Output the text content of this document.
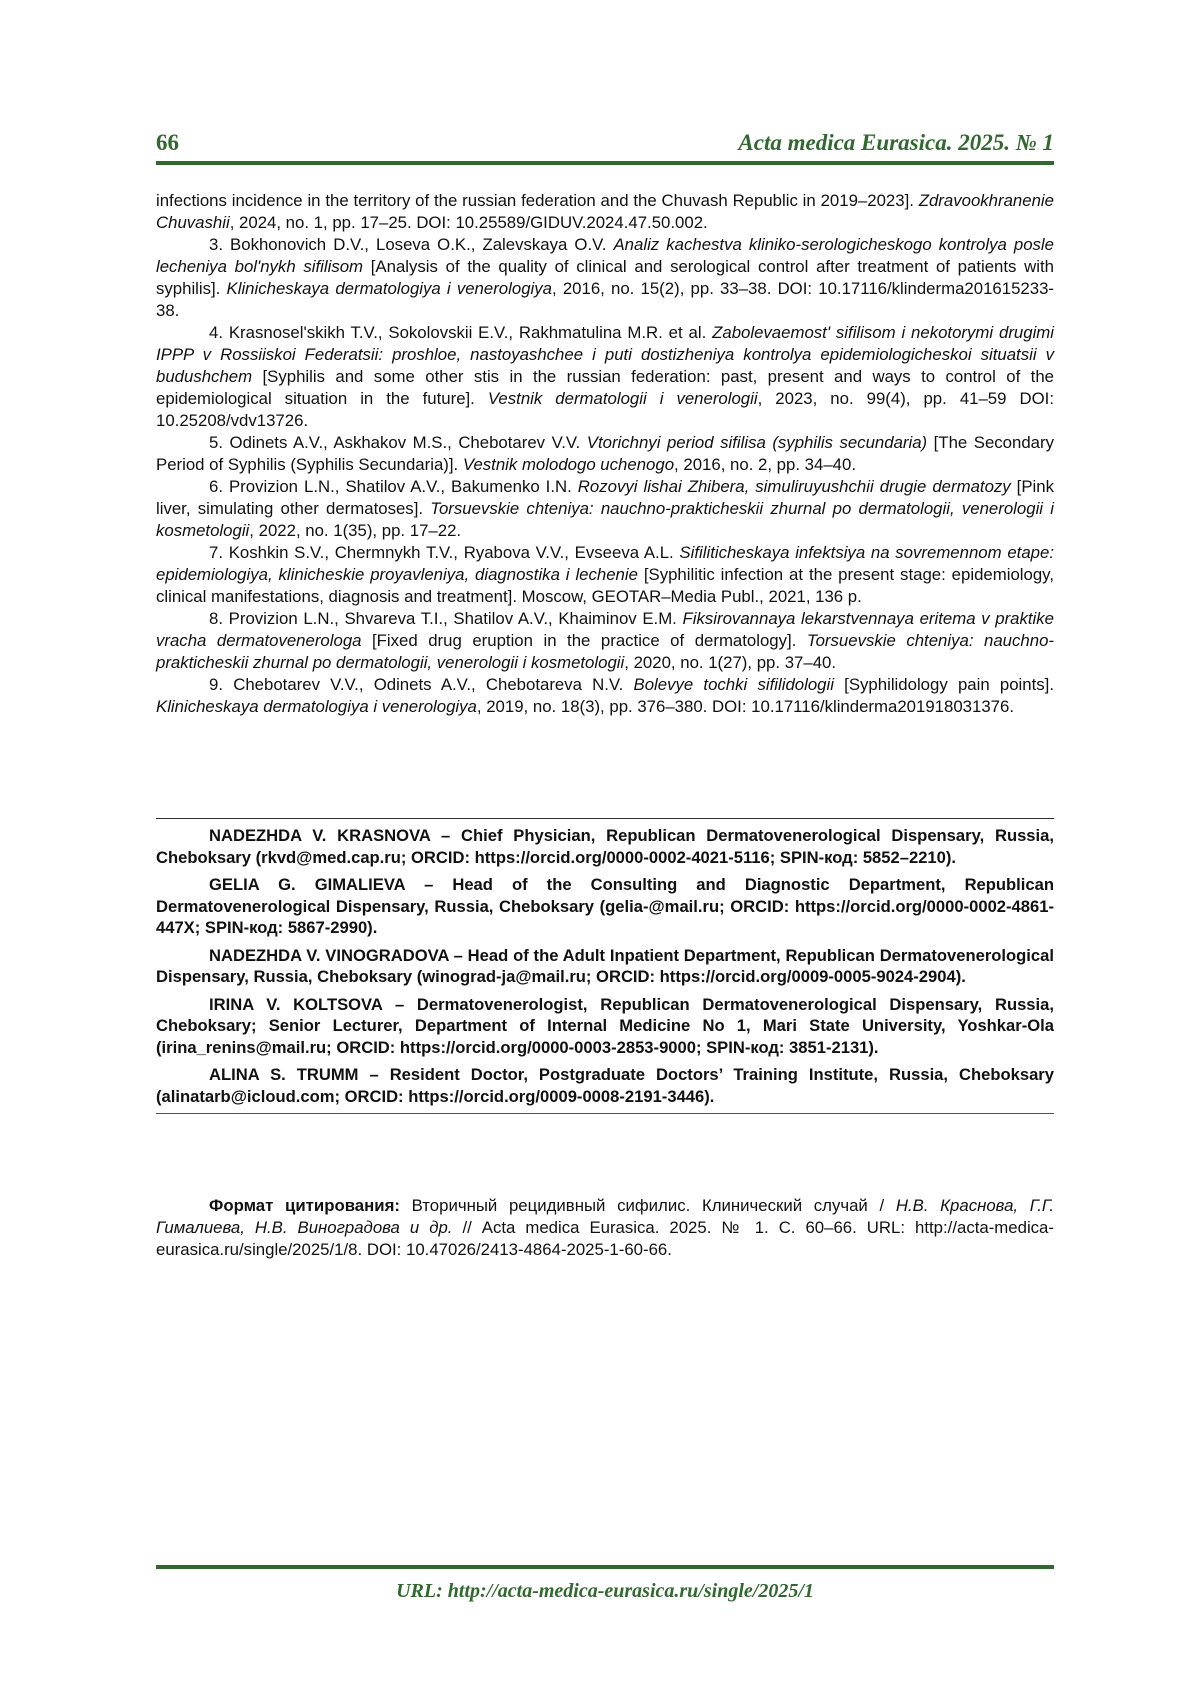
66	Acta medica Eurasica. 2025. № 1

infections incidence in the territory of the russian federation and the Chuvash Republic in 2019–2023]. Zdravookhranenie Chuvashii, 2024, no. 1, pp. 17–25. DOI: 10.25589/GIDUV.2024.47.50.002.

3. Bokhonovich D.V., Loseva O.K., Zalevskaya O.V. Analiz kachestva kliniko-serologicheskogo kontrolya posle lecheniya bol'nykh sifilisom [Analysis of the quality of clinical and serological control after treatment of patients with syphilis]. Klinicheskaya dermatologiya i venerologiya, 2016, no. 15(2), pp. 33–38. DOI: 10.17116/klinderma201615233-38.

4. Krasnosel'skikh T.V., Sokolovskii E.V., Rakhmatulina M.R. et al. Zabolevaemost' sifilisom i nekotorymi drugimi IPPP v Rossiiskoi Federatsii: proshloe, nastoyashchee i puti dostizheniya kontrolya epidemiologicheskoi situatsii v budushchem [Syphilis and some other stis in the russian federation: past, present and ways to control of the epidemiological situation in the future]. Vestnik dermatologii i venerologii, 2023, no. 99(4), pp. 41–59 DOI: 10.25208/vdv13726.

5. Odinets A.V., Askhakov M.S., Chebotarev V.V. Vtorichnyi period sifilisa (syphilis secundaria) [The Secondary Period of Syphilis (Syphilis Secundaria)]. Vestnik molodogo uchenogo, 2016, no. 2, pp. 34–40.

6. Provizion L.N., Shatilov A.V., Bakumenko I.N. Rozovyi lishai Zhibera, simuliruyushchii drugie dermatozy [Pink liver, simulating other dermatoses]. Torsuevskie chteniya: nauchno-prakticheskii zhurnal po dermatologii, venerologii i kosmetologii, 2022, no. 1(35), pp. 17–22.

7. Koshkin S.V., Chermnykh T.V., Ryabova V.V., Evseeva A.L. Sifiliticheskaya infektsiya na sovremennom etape: epidemiologiya, klinicheskie proyavleniya, diagnostika i lechenie [Syphilitic infection at the present stage: epidemiology, clinical manifestations, diagnosis and treatment]. Moscow, GEOTAR–Media Publ., 2021, 136 p.

8. Provizion L.N., Shvareva T.I., Shatilov A.V., Khaiminov E.M. Fiksirovannaya lekarstvennaya eritema v praktike vracha dermatovenerologa [Fixed drug eruption in the practice of dermatology]. Torsuevskie chteniya: nauchno-prakticheskii zhurnal po dermatologii, venerologii i kosmetologii, 2020, no. 1(27), pp. 37–40.

9. Chebotarev V.V., Odinets A.V., Chebotareva N.V. Bolevye tochki sifilidologii [Syphilidology pain points]. Klinicheskaya dermatologiya i venerologiya, 2019, no. 18(3), pp. 376–380. DOI: 10.17116/klinderma201918031376.

NADEZHDA V. KRASNOVA – Chief Physician, Republican Dermatovenerological Dispensary, Russia, Cheboksary (rkvd@med.cap.ru; ORCID: https://orcid.org/0000-0002-4021-5116; SPIN-код: 5852–2210).

GELIA G. GIMALIEVA – Head of the Consulting and Diagnostic Department, Republican Dermatovenerological Dispensary, Russia, Cheboksary (gelia-@mail.ru; ORCID: https://orcid.org/0000-0002-4861-447X; SPIN-код: 5867-2990).

NADEZHDA V. VINOGRADOVA – Head of the Adult Inpatient Department, Republican Dermatovenerological Dispensary, Russia, Cheboksary (winograd-ja@mail.ru; ORCID: https://orcid.org/0009-0005-9024-2904).

IRINA V. KOLTSOVA – Dermatovenerologist, Republican Dermatovenerological Dispensary, Russia, Cheboksary; Senior Lecturer, Department of Internal Medicine No 1, Mari State University, Yoshkar-Ola (irina_renins@mail.ru; ORCID: https://orcid.org/0000-0003-2853-9000; SPIN-код: 3851-2131).

ALINA S. TRUMM – Resident Doctor, Postgraduate Doctors’ Training Institute, Russia, Cheboksary (alinatarb@icloud.com; ORCID: https://orcid.org/0009-0008-2191-3446).

Формат цитирования: Вторичный рецидивный сифилис. Клинический случай / Н.В. Краснова, Г.Г. Гималиева, Н.В. Виноградова и др. // Acta medica Eurasica. 2025. № 1. С. 60–66. URL: http://acta-medica-eurasica.ru/single/2025/1/8. DOI: 10.47026/2413-4864-2025-1-60-66.
URL: http://acta-medica-eurasica.ru/single/2025/1
